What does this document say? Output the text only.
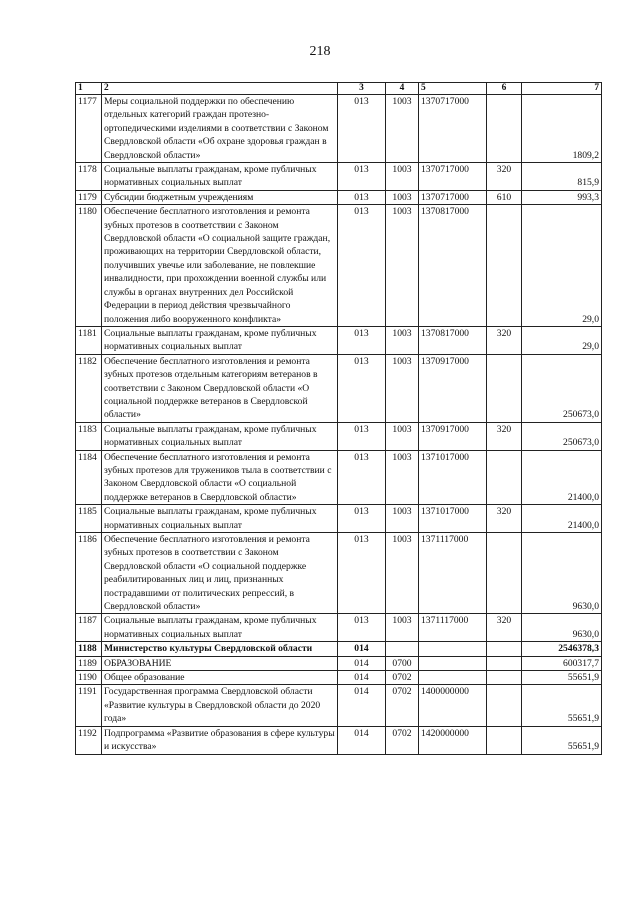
218
1	2	3	4	5	6	7
1177	Меры социальной поддержки по обеспечению отдельных категорий граждан протезно-ортопедическими изделиями в соответствии с Законом Свердловской области «Об охране здоровья граждан в Свердловской области»	013	1003	1370717000		1809,2
1178	Социальные выплаты гражданам, кроме публичных нормативных социальных выплат	013	1003	1370717000	320	815,9
1179	Субсидии бюджетным учреждениям	013	1003	1370717000	610	993,3
1180	Обеспечение бесплатного изготовления и ремонта зубных протезов в соответствии с Законом Свердловской области «О социальной защите граждан, проживающих на территории Свердловской области, получивших увечье или заболевание, не повлекшие инвалидности, при прохождении военной службы или службы в органах внутренних дел Российской Федерации в период действия чрезвычайного положения либо вооруженного конфликта»	013	1003	1370817000		29,0
1181	Социальные выплаты гражданам, кроме публичных нормативных социальных выплат	013	1003	1370817000	320	29,0
1182	Обеспечение бесплатного изготовления и ремонта зубных протезов отдельным категориям ветеранов в соответствии с Законом Свердловской области «О социальной поддержке ветеранов в Свердловской области»	013	1003	1370917000		250673,0
1183	Социальные выплаты гражданам, кроме публичных нормативных социальных выплат	013	1003	1370917000	320	250673,0
1184	Обеспечение бесплатного изготовления и ремонта зубных протезов для тружеников тыла в соответствии с Законом Свердловской области «О социальной поддержке ветеранов в Свердловской области»	013	1003	1371017000		21400,0
1185	Социальные выплаты гражданам, кроме публичных нормативных социальных выплат	013	1003	1371017000	320	21400,0
1186	Обеспечение бесплатного изготовления и ремонта зубных протезов в соответствии с Законом Свердловской области «О социальной поддержке реабилитированных лиц и лиц, признанных пострадавшими от политических репрессий, в Свердловской области»	013	1003	1371117000		9630,0
1187	Социальные выплаты гражданам, кроме публичных нормативных социальных выплат	013	1003	1371117000	320	9630,0
1188	Министерство культуры Свердловской области	014				2546378,3
1189	ОБРАЗОВАНИЕ	014	0700			600317,7
1190	Общее образование	014	0702			55651,9
1191	Государственная программа Свердловской области «Развитие культуры в Свердловской области до 2020 года»	014	0702	1400000000		55651,9
1192	Подпрограмма «Развитие образования в сфере культуры и искусства»	014	0702	1420000000		55651,9
